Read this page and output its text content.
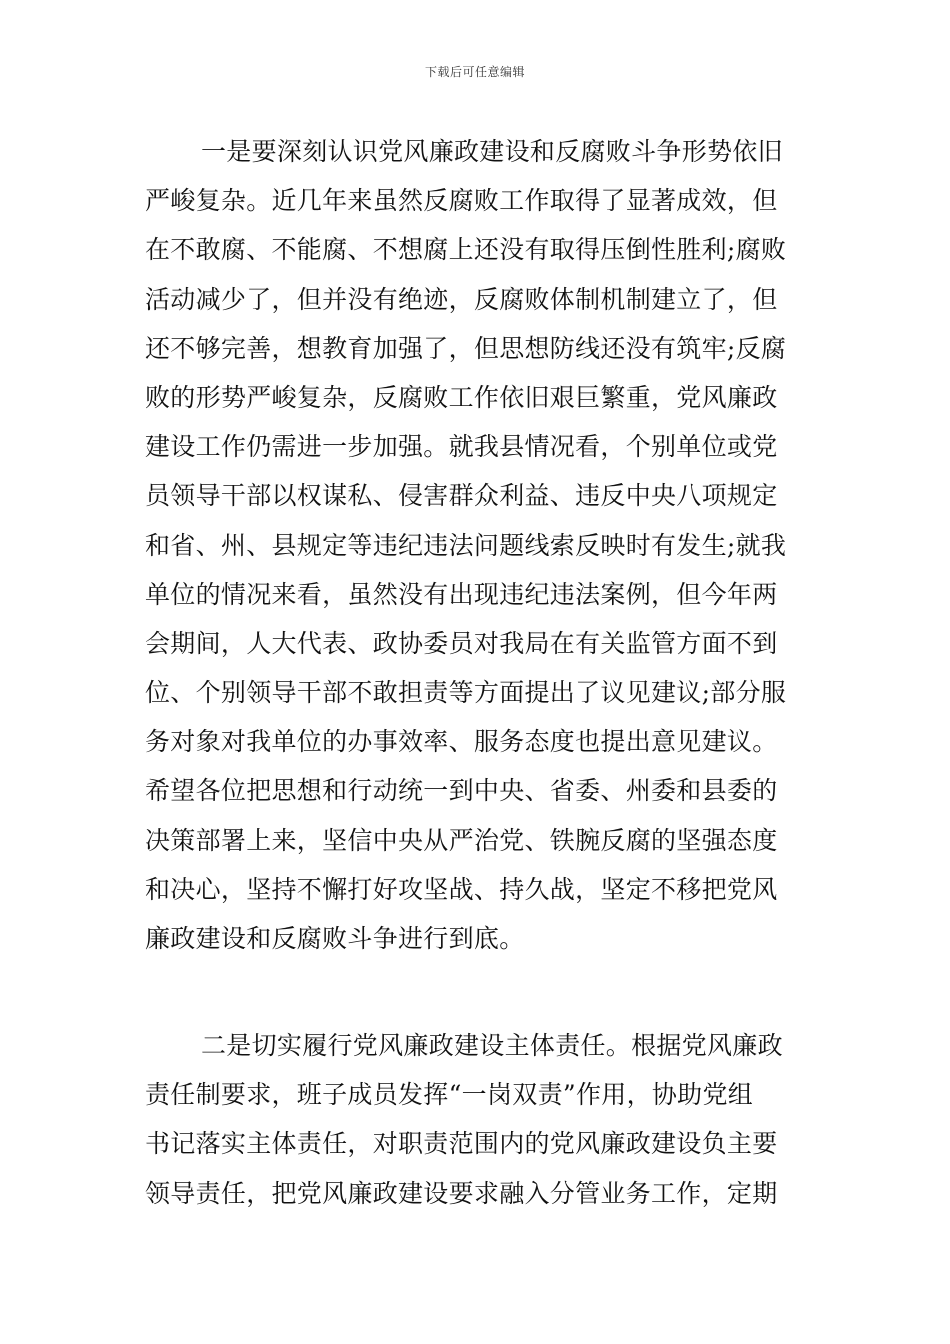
下载后可任意编辑
一是要深刻认识党风廉政建设和反腐败斗争形势依旧
严峻复杂。近几年来虽然反腐败工作取得了显著成效，但
在不敢腐、不能腐、不想腐上还没有取得压倒性胜利;腐败
活动减少了，但并没有绝迹，反腐败体制机制建立了，但
还不够完善，想教育加强了，但思想防线还没有筑牢;反腐
败的形势严峻复杂，反腐败工作依旧艰巨繁重，党风廉政
建设工作仍需进一步加强。就我县情况看，个别单位或党
员领导干部以权谋私、侵害群众利益、违反中央八项规定
和省、州、县规定等违纪违法问题线索反映时有发生;就我
单位的情况来看，虽然没有出现违纪违法案例，但今年两
会期间，人大代表、政协委员对我局在有关监管方面不到
位、个别领导干部不敢担责等方面提出了议见建议;部分服
务对象对我单位的办事效率、服务态度也提出意见建议。
希望各位把思想和行动统一到中央、省委、州委和县委的
决策部署上来，坚信中央从严治党、铁腕反腐的坚强态度
和决心，坚持不懈打好攻坚战、持久战，坚定不移把党风
廉政建设和反腐败斗争进行到底。
二是切实履行党风廉政建设主体责任。根据党风廉政
责任制要求，班子成员发挥“一岗双责”作用，协助党组
书记落实主体责任，对职责范围内的党风廉政建设负主要
领导责任，把党风廉政建设要求融入分管业务工作，定期
